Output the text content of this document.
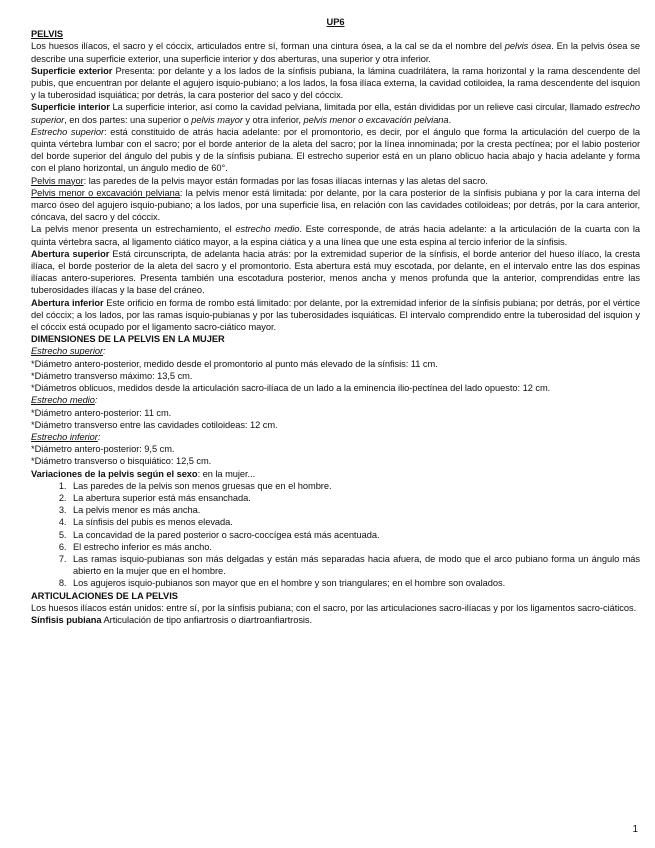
UP6
PELVIS

Los huesos ilíacos, el sacro y el cóccix, articulados entre sí, forman una cintura ósea, a la cal se da el nombre del pelvis ósea. En la pelvis ósea se describe una superficie exterior, una superficie interior y dos aberturas, una superior y otra inferior.

Superficie exterior Presenta: por delante y a los lados de la sínfisis pubiana, la lámina cuadrilátera, la rama horizontal y la rama descendente del pubis, que encuentran por delante el agujero isquio-pubiano; a los lados, la fosa ilíaca externa, la cavidad cotiloidea, la rama descendente del isquion y la tuberosidad isquiática; por detrás, la cara posterior del saco y del cóccix.

Superficie interior La superficie interior, así como la cavidad pelviana, limitada por ella, están divididas por un relieve casi circular, llamado estrecho superior, en dos partes: una superior o pelvis mayor y otra inferior, pelvis menor o excavación pelviana.

Estrecho superior: está constituido de atrás hacia adelante: por el promontorio, es decir, por el ángulo que forma la articulación del cuerpo de la quinta vértebra lumbar con el sacro; por el borde anterior de la aleta del sacro; por la línea innominada; por la cresta pectínea; por el labio posterior del borde superior del ángulo del pubis y de la sínfisis pubiana. El estrecho superior está en un plano oblicuo hacia abajo y hacia adelante y forma con el plano horizontal, un ángulo medio de 60°.

Pelvis mayor: las paredes de la pelvis mayor están formadas por las fosas ilíacas internas y las aletas del sacro.

Pelvis menor o excavación pelviana: la pelvis menor está limitada: por delante, por la cara posterior de la sínfisis pubiana y por la cara interna del marco óseo del agujero isquio-pubiano; a los lados, por una superficie lisa, en relación con las cavidades cotiloideas; por detrás, por la cara anterior, cóncava, del sacro y del cóccix.

La pelvis menor presenta un estrechamiento, el estrecho medio. Este corresponde, de atrás hacia adelante: a la articulación de la cuarta con la quinta vértebra sacra, al ligamento ciático mayor, a la espina ciática y a una línea que une esta espina al tercio inferior de la sínfisis.

Abertura superior Está circunscripta, de adelanta hacia atrás: por la extremidad superior de la sínfisis, el borde anterior del hueso ilíaco, la cresta ilíaca, el borde posterior de la aleta del sacro y el promontorio. Esta abertura está muy escotada, por delante, en el intervalo entre las dos espinas ilíacas antero-superiores. Presenta también una escotadura posterior, menos ancha y menos profunda que la anterior, comprendidas entre las tuberosidades ilíacas y la base del cráneo.

Abertura inferior Este orificio en forma de rombo está limitado: por delante, por la extremidad inferior de la sínfisis pubiana; por detrás, por el vértice del cóccix; a los lados, por las ramas isquio-pubianas y por las tuberosidades isquiáticas. El intervalo comprendido entre la tuberosidad del isquion y el cóccix está ocupado por el ligamento sacro-ciático mayor.

DIMENSIONES DE LA PELVIS EN LA MUJER
Estrecho superior:

*Diámetro antero-posterior, medido desde el promontorio al punto más elevado de la sínfisis: 11 cm.

*Diámetro transverso máximo: 13,5 cm.

*Diámetros oblicuos, medidos desde la articulación sacro-ilíaca de un lado a la eminencia ilio-pectínea del lado opuesto: 12 cm.

Estrecho medio:

*Diámetro antero-posterior: 11 cm.

*Diámetro transverso entre las cavidades cotiloideas: 12 cm.

Estrecho inferior:

*Diámetro antero-posterior: 9,5 cm.

*Diámetro transverso o bisquiático: 12,5 cm.

Variaciones de la pelvis según el sexo: en la mujer...
1. Las paredes de la pelvis son menos gruesas que en el hombre.
2. La abertura superior está más ensanchada.
3. La pelvis menor es más ancha.
4. La sínfisis del pubis es menos elevada.
5. La concavidad de la pared posterior o sacro-coccígea está más acentuada.
6. El estrecho inferior es más ancho.
7. Las ramas isquio-pubianas son más delgadas y están más separadas hacia afuera, de modo que el arco pubiano forma un ángulo más abierto en la mujer que en el hombre.
8. Los agujeros isquio-pubianos son mayor que en el hombre y son triangulares; en el hombre son ovalados.
ARTICULACIONES DE LA PELVIS

Los huesos ilíacos están unidos: entre sí, por la sínfisis pubiana; con el sacro, por las articulaciones sacro-ilíacas y por los ligamentos sacro-ciáticos.

Sínfisis pubiana Articulación de tipo anfiartrosis o diartroanfiartrosis.

1
